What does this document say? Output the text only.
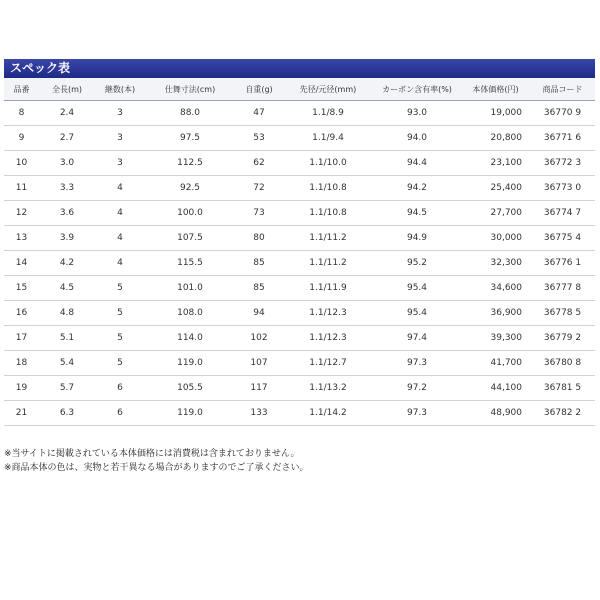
スペック表
品番	全長(m)	継数(本)	仕舞寸法(cm)	自重(g)	先径/元径(mm)	カーボン含有率(%)	本体価格(円)	商品コード
8	2.4	3	88.0	47	1.1/8.9	93.0	19,000	36770 9
9	2.7	3	97.5	53	1.1/9.4	94.0	20,800	36771 6
10	3.0	3	112.5	62	1.1/10.0	94.4	23,100	36772 3
11	3.3	4	92.5	72	1.1/10.8	94.2	25,400	36773 0
12	3.6	4	100.0	73	1.1/10.8	94.5	27,700	36774 7
13	3.9	4	107.5	80	1.1/11.2	94.9	30,000	36775 4
14	4.2	4	115.5	85	1.1/11.2	95.2	32,300	36776 1
15	4.5	5	101.0	85	1.1/11.9	95.4	34,600	36777 8
16	4.8	5	108.0	94	1.1/12.3	95.4	36,900	36778 5
17	5.1	5	114.0	102	1.1/12.3	97.4	39,300	36779 2
18	5.4	5	119.0	107	1.1/12.7	97.3	41,700	36780 8
19	5.7	6	105.5	117	1.1/13.2	97.2	44,100	36781 5
21	6.3	6	119.0	133	1.1/14.2	97.3	48,900	36782 2
※当サイトに掲載されている本体価格には消費税は含まれておりません。
※商品本体の色は、実物と若干異なる場合がありますのでご了承ください。
